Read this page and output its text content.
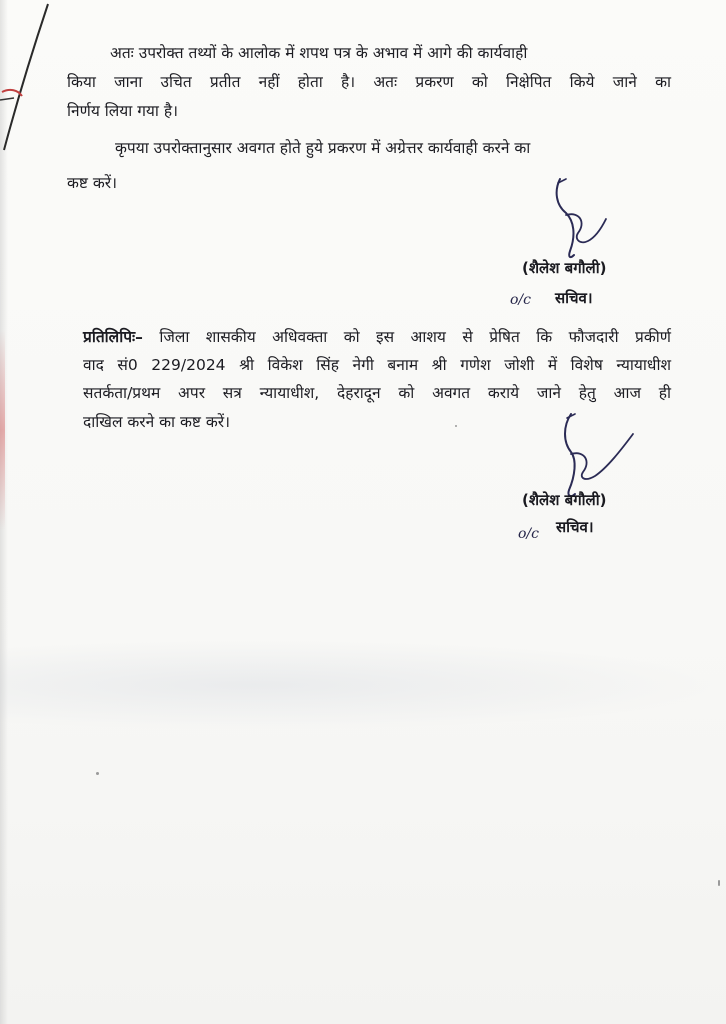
अतः उपरोक्त तथ्यों के आलोक में शपथ पत्र के अभाव में आगे की कार्यवाही
किया जाना उचित प्रतीत नहीं होता है। अतः प्रकरण को निक्षेपित किये जाने का
निर्णय लिया गया है।
कृपया उपरोक्तानुसार अवगत होते हुये प्रकरण में अग्रेत्तर कार्यवाही करने का
कष्ट करें।
(शैलेश बगौली)
o/c सचिव।
प्रतिलिपिः– जिला शासकीय अधिवक्ता को इस आशय से प्रेषित कि फौजदारी प्रकीर्ण
वाद सं0 229/2024 श्री विकेश सिंह नेगी बनाम श्री गणेश जोशी में विशेष न्यायाधीश
सतर्कता/प्रथम अपर सत्र न्यायाधीश, देहरादून को अवगत कराये जाने हेतु आज ही
दाखिल करने का कष्ट करें।
(शैलेश बगौली)
o/c सचिव।
